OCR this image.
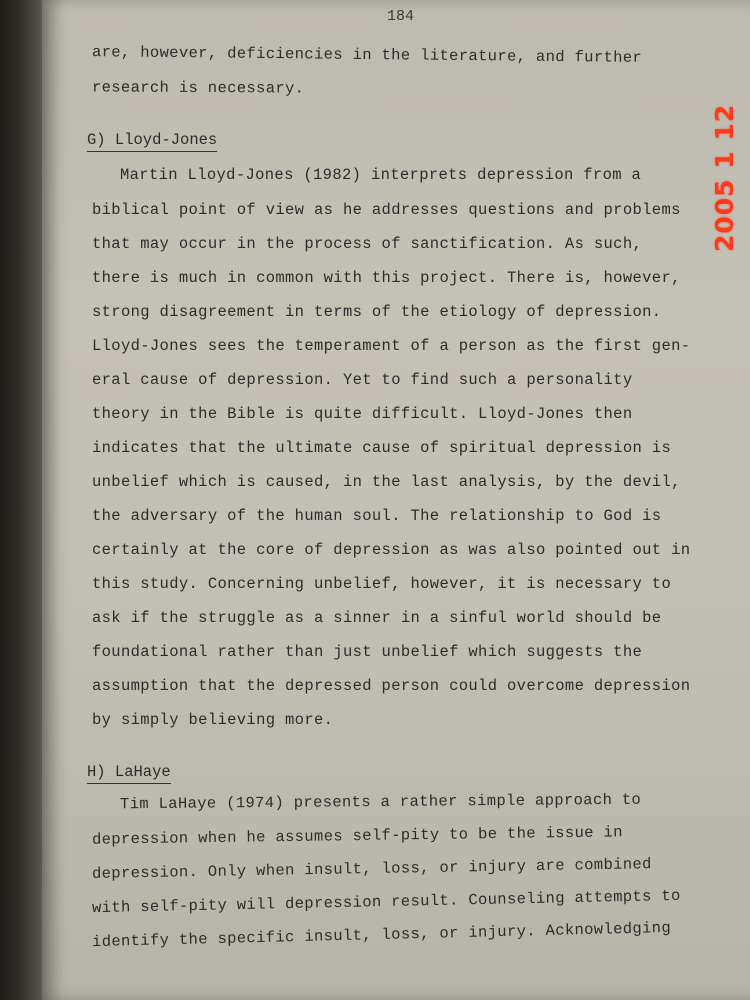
184
are, however, deficiencies in the literature, and further
research is necessary.
G) Lloyd-Jones
Martin Lloyd-Jones (1982) interprets depression from a
biblical point of view as he addresses questions and problems
that may occur in the process of sanctification. As such,
there is much in common with this project. There is, however,
strong disagreement in terms of the etiology of depression.
Lloyd-Jones sees the temperament of a person as the first gen-
eral cause of depression. Yet to find such a personality
theory in the Bible is quite difficult. Lloyd-Jones then
indicates that the ultimate cause of spiritual depression is
unbelief which is caused, in the last analysis, by the devil,
the adversary of the human soul. The relationship to God is
certainly at the core of depression as was also pointed out in
this study. Concerning unbelief, however, it is necessary to
ask if the struggle as a sinner in a sinful world should be
foundational rather than just unbelief which suggests the
assumption that the depressed person could overcome depression
by simply believing more.
H) LaHaye
Tim LaHaye (1974) presents a rather simple approach to
depression when he assumes self-pity to be the issue in
depression. Only when insult, loss, or injury are combined
with self-pity will depression result. Counseling attempts to
identify the specific insult, loss, or injury. Acknowledging
2005 1 12
